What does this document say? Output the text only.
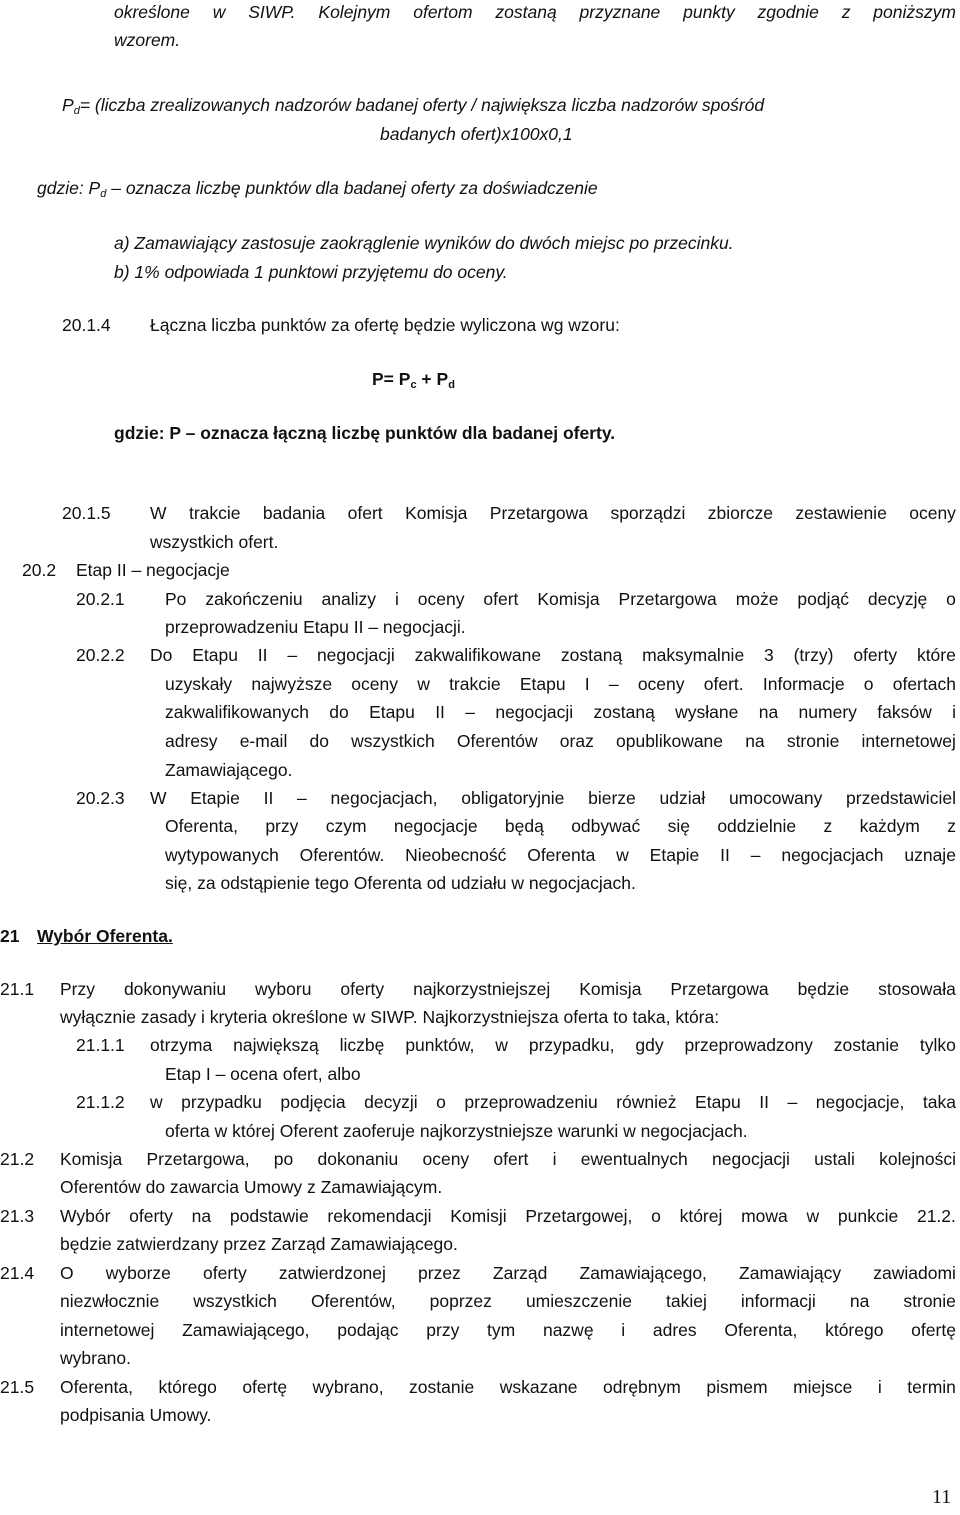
określone w SIWP. Kolejnym ofertom zostaną przyznane punkty zgodnie z poniższym
wzorem.
$P_d=$ (liczba zrealizowanych nadzorów badanej oferty / największa liczba nadzorów spośród
badanych ofert)x100x0,1
gdzie: $P_d$ – oznacza liczbę punktów dla badanej oferty za doświadczenie
a) Zamawiający zastosuje zaokrąglenie wyników do dwóch miejsc po przecinku.
b) 1% odpowiada 1 punktowi przyjętemu do oceny.
20.1.4 Łączna liczba punktów za ofertę będzie wyliczona wg wzoru:
$P= P_c + P_d$
gdzie: P – oznacza łączną liczbę punktów dla badanej oferty.
20.1.5 W trakcie badania ofert Komisja Przetargowa sporządzi zbiorcze zestawienie oceny
wszystkich ofert.
20.2 Etap II – negocjacje
20.2.1 Po zakończeniu analizy i oceny ofert Komisja Przetargowa może podjąć decyzję o
przeprowadzeniu Etapu II – negocjacji.
20.2.2 Do Etapu II – negocjacji zakwalifikowane zostaną maksymalnie 3 (trzy) oferty które
uzyskały najwyższe oceny w trakcie Etapu I – oceny ofert. Informacje o ofertach
zakwalifikowanych do Etapu II – negocjacji zostaną wysłane na numery faksów i
adresy e-mail do wszystkich Oferentów oraz opublikowane na stronie internetowej
Zamawiającego.
20.2.3 W Etapie II – negocjacjach, obligatoryjnie bierze udział umocowany przedstawiciel
Oferenta, przy czym negocjacje będą odbywać się oddzielnie z każdym z
wytypowanych Oferentów. Nieobecność Oferenta w Etapie II – negocjacjach uznaje
się, za odstąpienie tego Oferenta od udziału w negocjacjach.
21 Wybór Oferenta.
21.1 Przy dokonywaniu wyboru oferty najkorzystniejszej Komisja Przetargowa będzie stosowała
wyłącznie zasady i kryteria określone w SIWP. Najkorzystniejsza oferta to taka, która:
21.1.1 otrzyma największą liczbę punktów, w przypadku, gdy przeprowadzony zostanie tylko
Etap I – ocena ofert, albo
21.1.2 w przypadku podjęcia decyzji o przeprowadzeniu również Etapu II – negocjacje, taka
oferta w której Oferent zaoferuje najkorzystniejsze warunki w negocjacjach.
21.2 Komisja Przetargowa, po dokonaniu oceny ofert i ewentualnych negocjacji ustali kolejności
Oferentów do zawarcia Umowy z Zamawiającym.
21.3 Wybór oferty na podstawie rekomendacji Komisji Przetargowej, o której mowa w punkcie 21.2.
będzie zatwierdzany przez Zarząd Zamawiającego.
21.4 O wyborze oferty zatwierdzonej przez Zarząd Zamawiającego, Zamawiający zawiadomi
niezwłocznie wszystkich Oferentów, poprzez umieszczenie takiej informacji na stronie
internetowej Zamawiającego, podając przy tym nazwę i adres Oferenta, którego ofertę
wybrano.
21.5 Oferenta, którego ofertę wybrano, zostanie wskazane odrębnym pismem miejsce i termin
podpisania Umowy.
11
